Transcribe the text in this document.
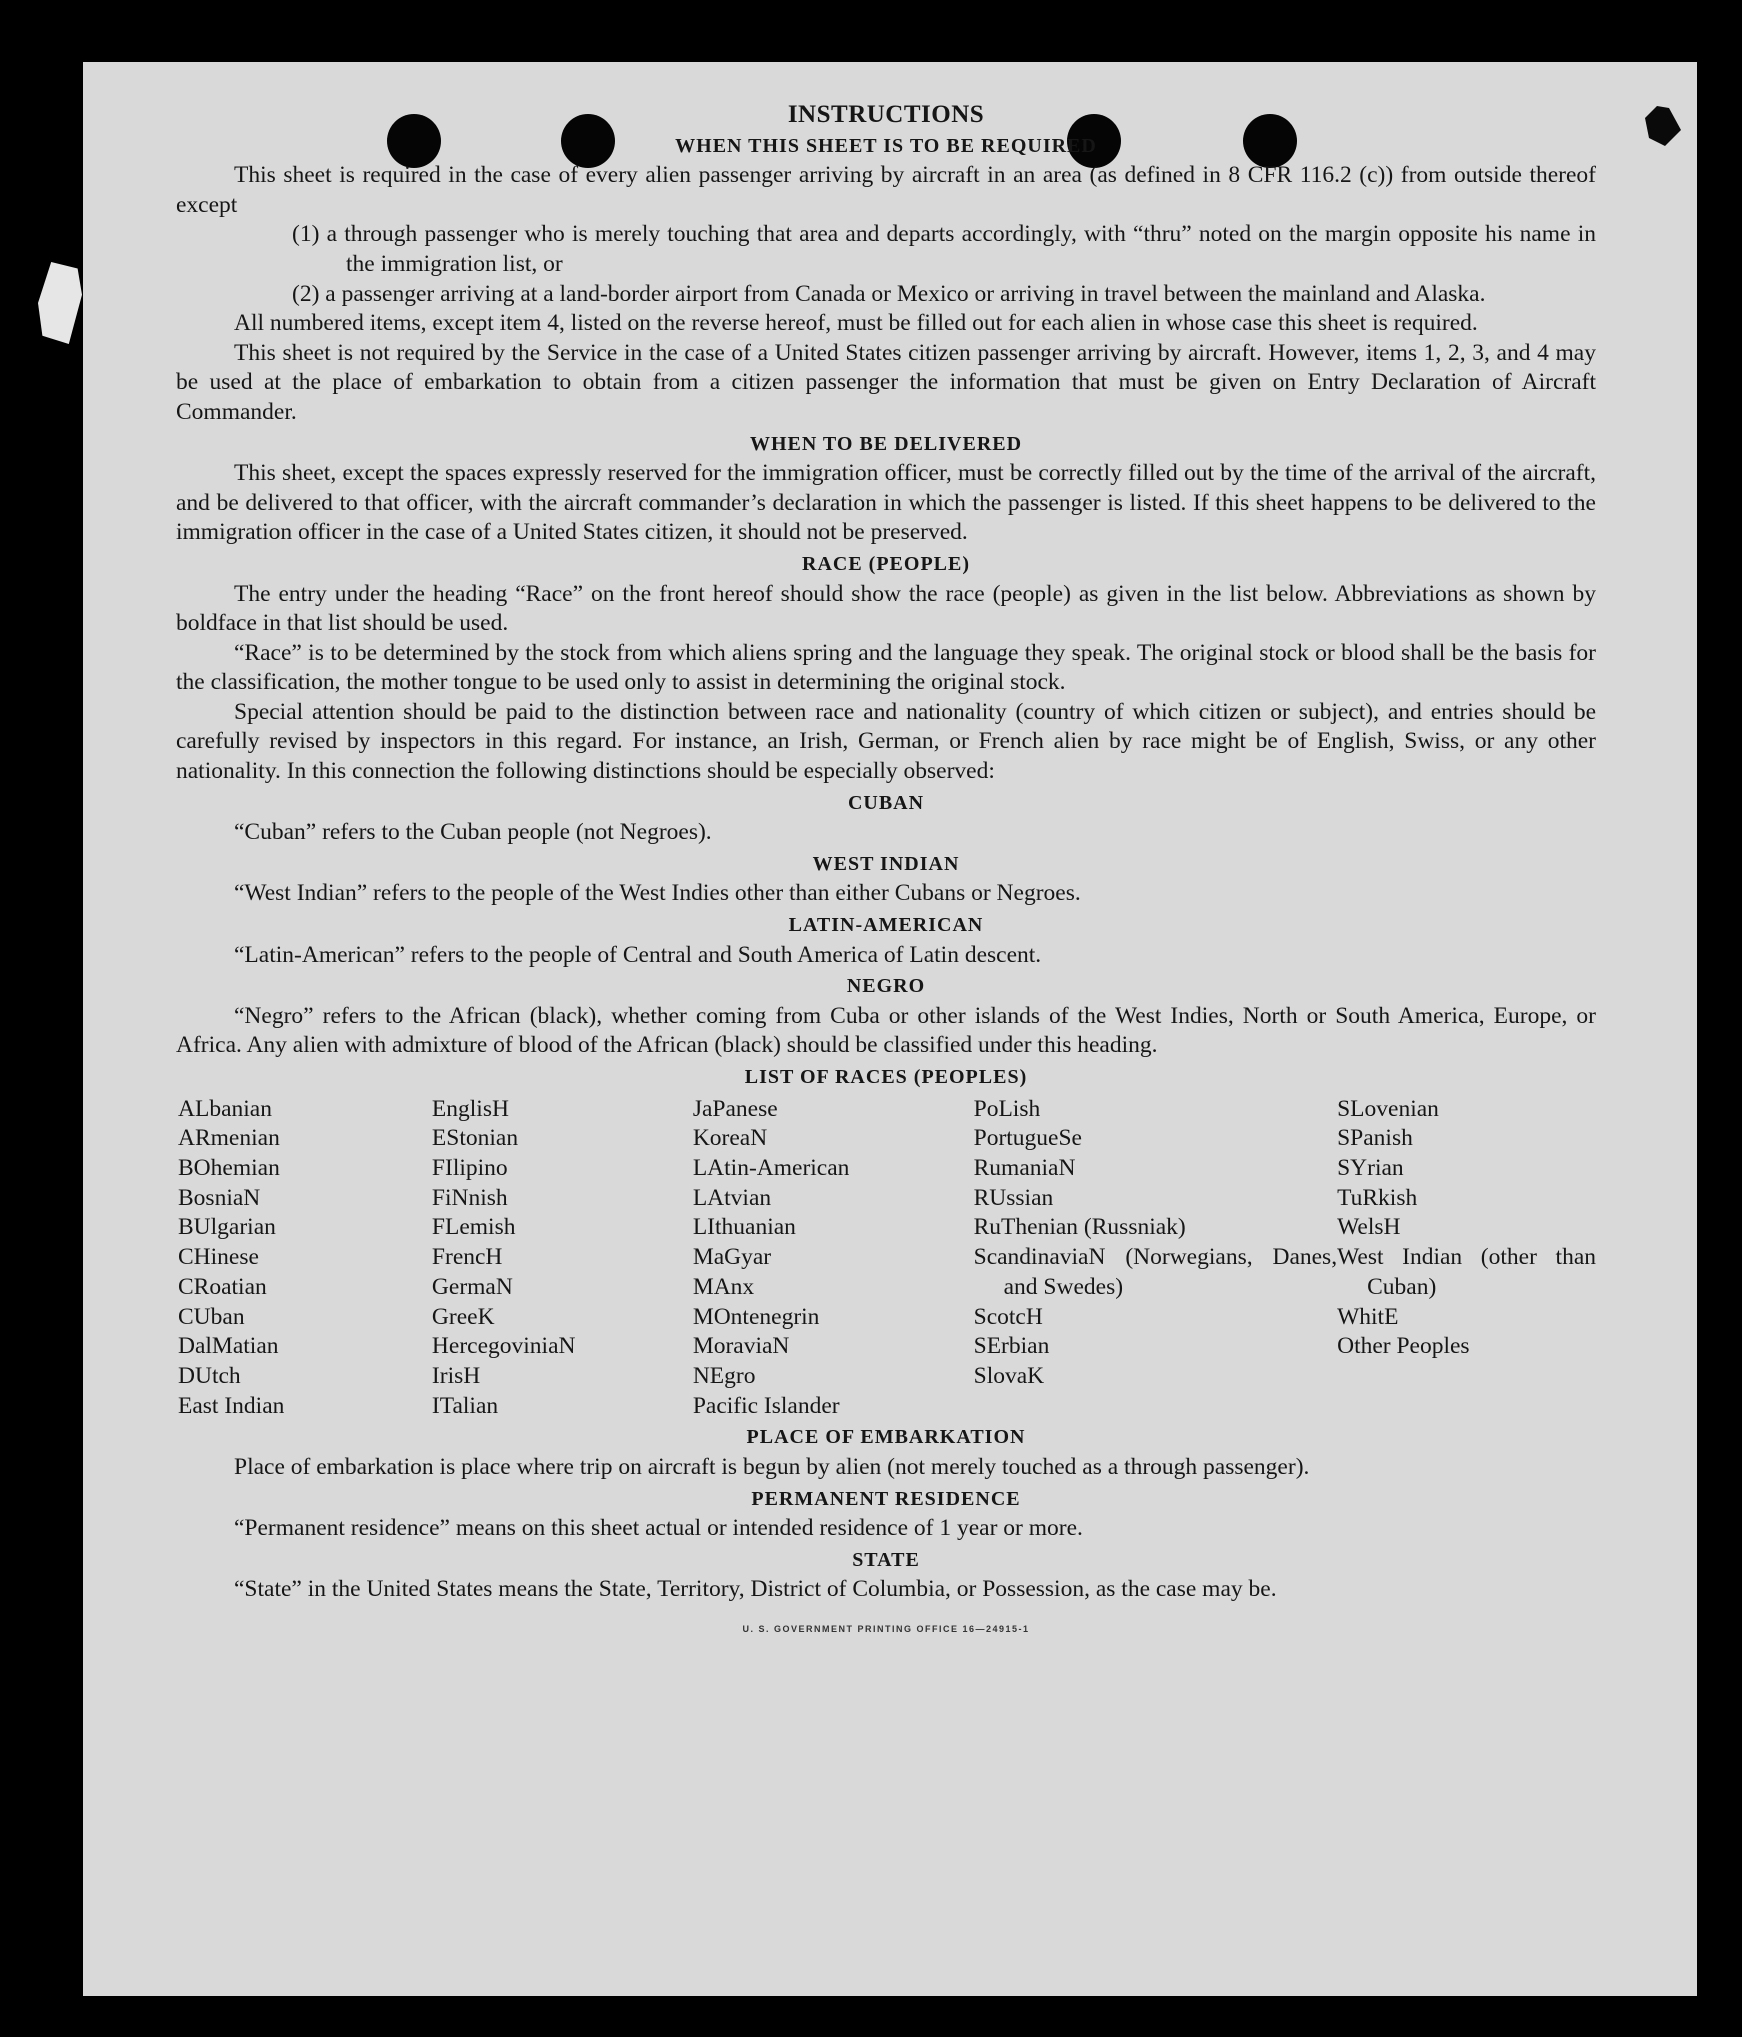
INSTRUCTIONS
WHEN THIS SHEET IS TO BE REQUIRED

This sheet is required in the case of every alien passenger arriving by aircraft in an area (as defined in 8 CFR 116.2 (c)) from outside thereof except

(1) a through passenger who is merely touching that area and departs accordingly, with “thru” noted on the margin opposite his name in the immigration list, or
(2) a passenger arriving at a land-border airport from Canada or Mexico or arriving in travel between the mainland and Alaska.

All numbered items, except item 4, listed on the reverse hereof, must be filled out for each alien in whose case this sheet is required.

This sheet is not required by the Service in the case of a United States citizen passenger arriving by aircraft. However, items 1, 2, 3, and 4 may be used at the place of embarkation to obtain from a citizen passenger the information that must be given on Entry Declaration of Aircraft Commander.

WHEN TO BE DELIVERED

This sheet, except the spaces expressly reserved for the immigration officer, must be correctly filled out by the time of the arrival of the aircraft, and be delivered to that officer, with the aircraft commander’s declaration in which the passenger is listed. If this sheet happens to be delivered to the immigration officer in the case of a United States citizen, it should not be preserved.

RACE (PEOPLE)

The entry under the heading “Race” on the front hereof should show the race (people) as given in the list below. Abbreviations as shown by boldface in that list should be used.

“Race” is to be determined by the stock from which aliens spring and the language they speak. The original stock or blood shall be the basis for the classification, the mother tongue to be used only to assist in determining the original stock.

Special attention should be paid to the distinction between race and nationality (country of which citizen or subject), and entries should be carefully revised by inspectors in this regard. For instance, an Irish, German, or French alien by race might be of English, Swiss, or any other nationality. In this connection the following distinctions should be especially observed:

CUBAN

“Cuban” refers to the Cuban people (not Negroes).

WEST INDIAN

“West Indian” refers to the people of the West Indies other than either Cubans or Negroes.

LATIN-AMERICAN

“Latin-American” refers to the people of Central and South America of Latin descent.

NEGRO

“Negro” refers to the African (black), whether coming from Cuba or other islands of the West Indies, North or South America, Europe, or Africa. Any alien with admixture of blood of the African (black) should be classified under this heading.

LIST OF RACES (PEOPLES)
ALbanian
ARmenian
BOhemian
BosniaN
BUlgarian
CHinese
CRoatian
CUban
DalMatian
DUtch
East Indian
EnglisH
EStonian
FIlipino
FiNnish
FLemish
FrencH
GermaN
GreeK
HercegoviniaN
IrisH
ITalian
JaPanese
KoreaN
LAtin-American
LAtvian
LIthuanian
MaGyar
MAnx
MOntenegrin
MoraviaN
NEgro
Pacific Islander
PoLish
PortugueSe
RumaniaN
RUssian
RuThenian (Russniak)
ScandinaviaN (Norwegians, Danes, and Swedes)
ScotcH
SErbian
SlovaK
SLovenian
SPanish
SYrian
TuRkish
WelsH
West Indian (other than Cuban)
WhitE
Other Peoples
PLACE OF EMBARKATION

Place of embarkation is place where trip on aircraft is begun by alien (not merely touched as a through passenger).

PERMANENT RESIDENCE

“Permanent residence” means on this sheet actual or intended residence of 1 year or more.

STATE

“State” in the United States means the State, Territory, District of Columbia, or Possession, as the case may be.

U. S. GOVERNMENT PRINTING OFFICE 16—24915-1
